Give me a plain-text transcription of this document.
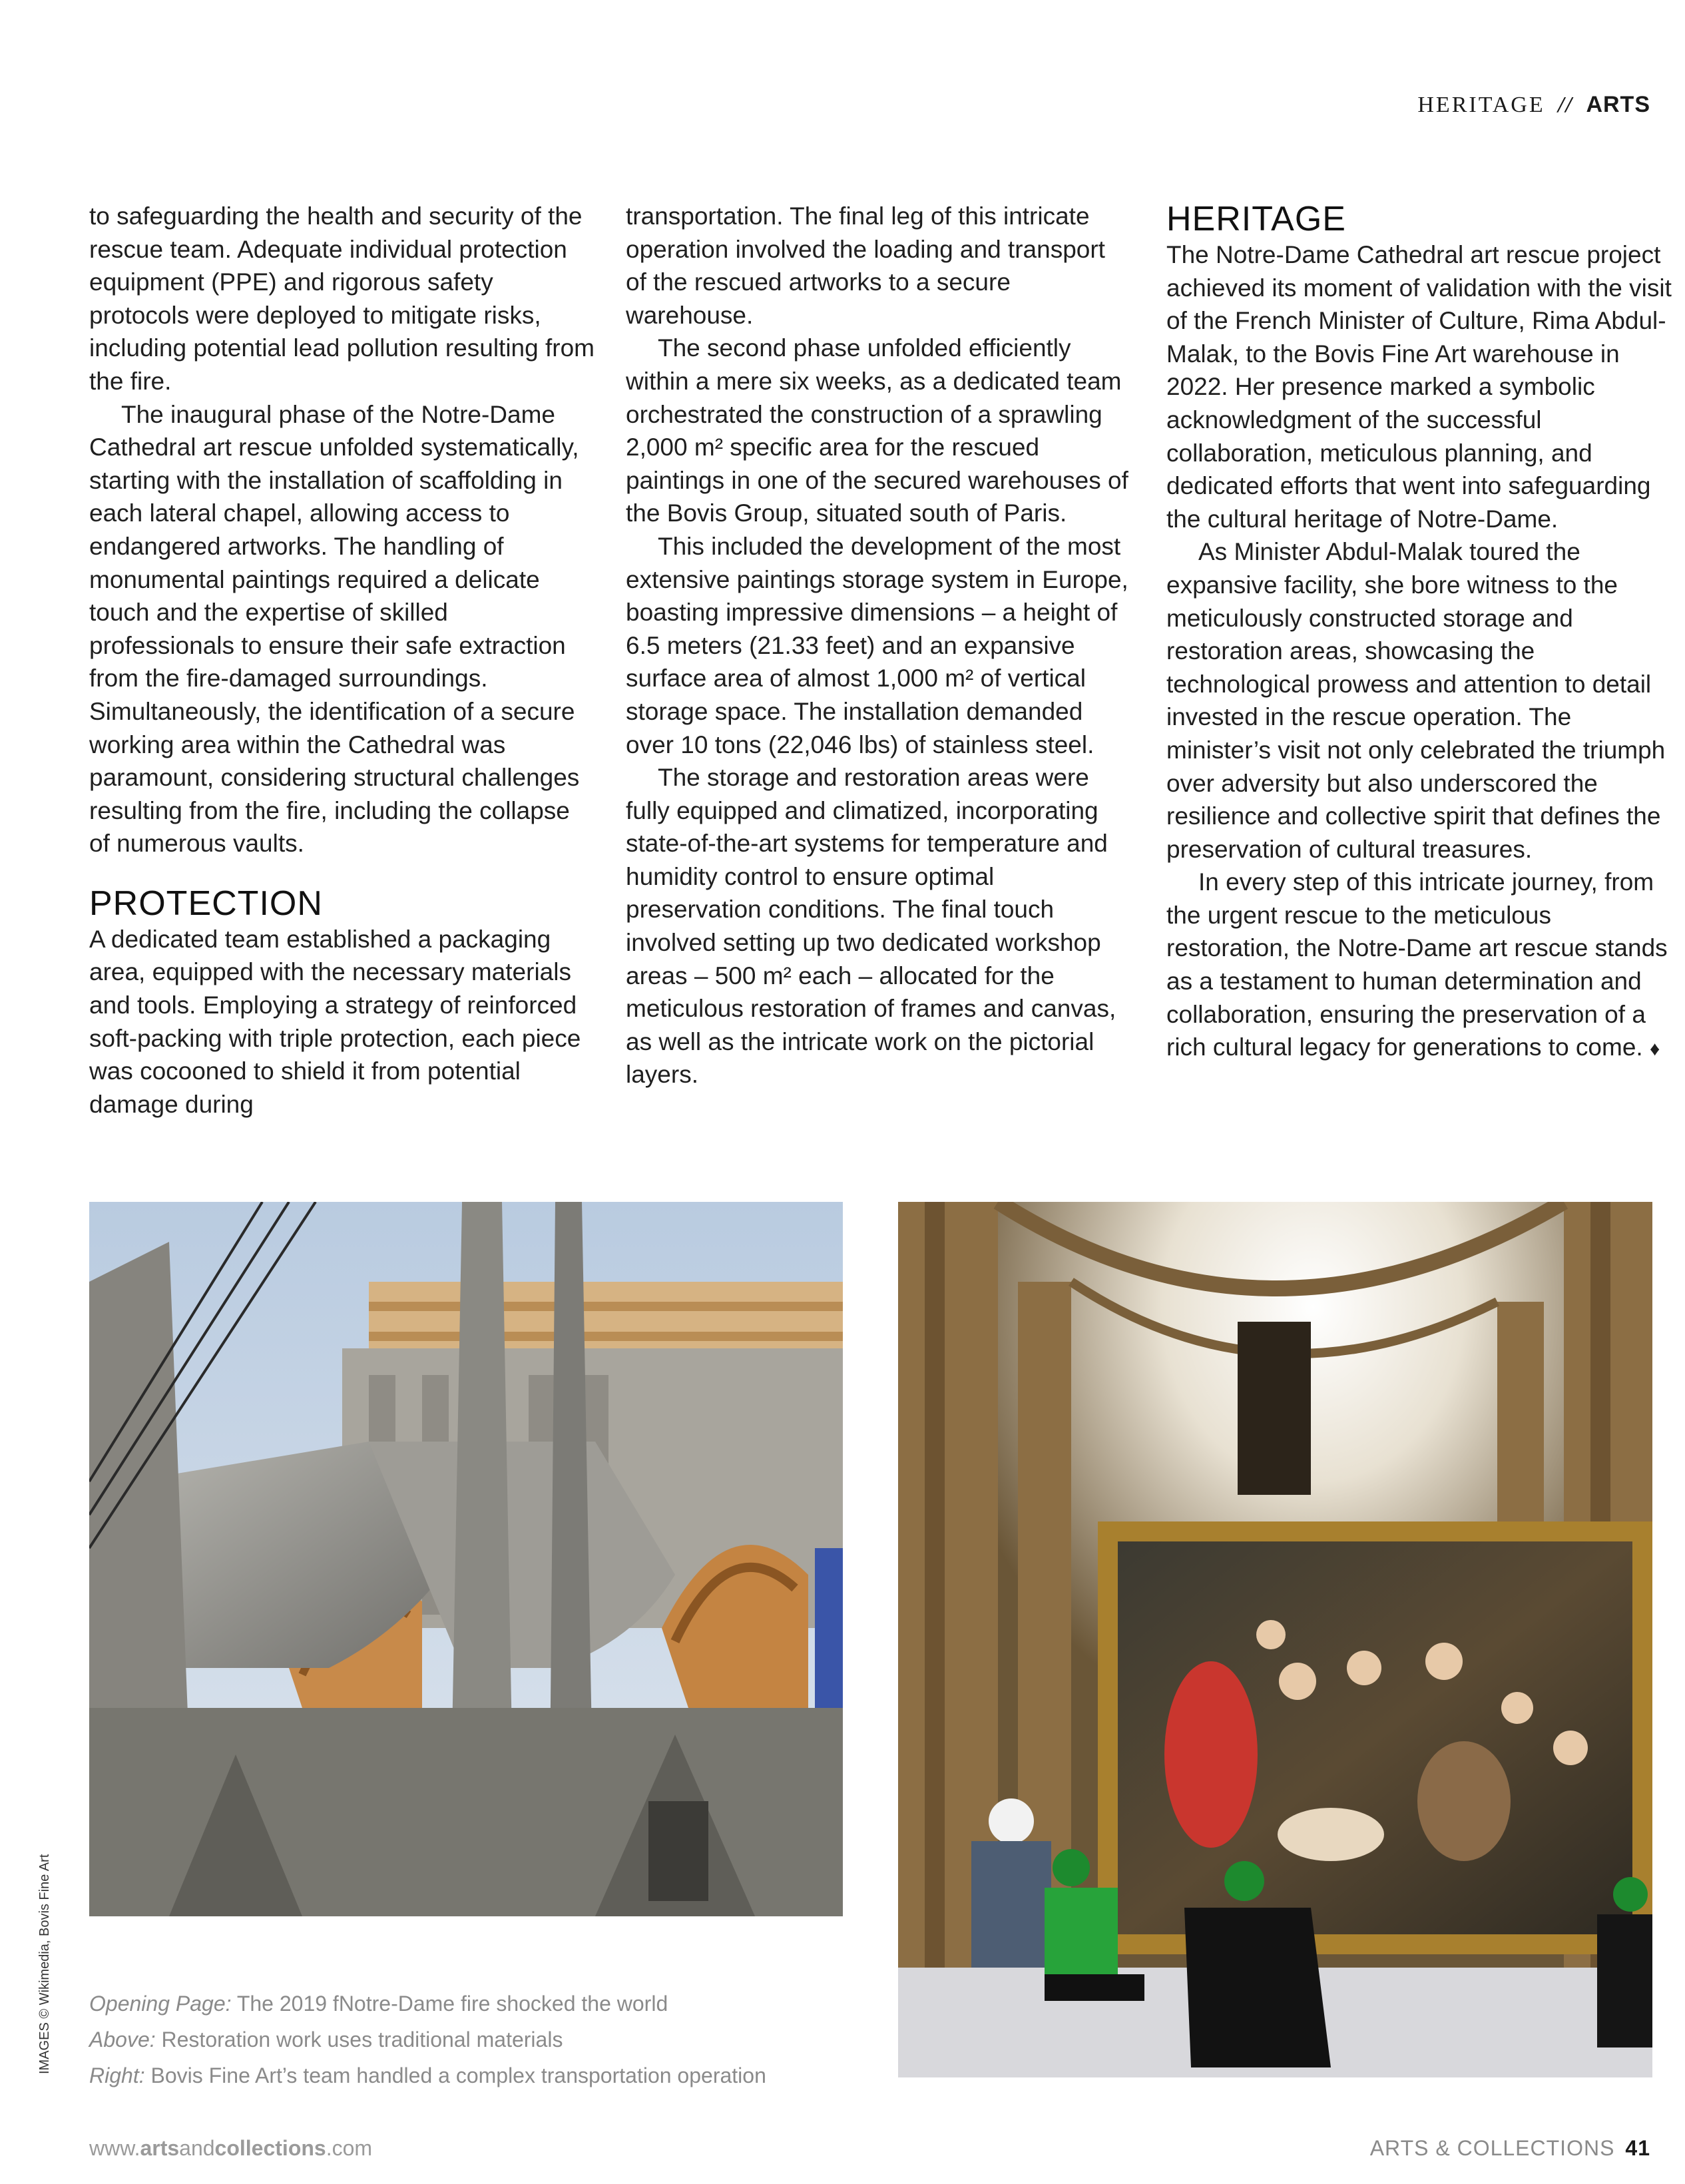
HERITAGE // ARTS

to safeguarding the health and security of the rescue team. Adequate individual protection equipment (PPE) and rigorous safety protocols were deployed to mitigate risks, including potential lead pollution resulting from the fire.

The inaugural phase of the Notre-Dame Cathedral art rescue unfolded systematically, starting with the installation of scaffolding in each lateral chapel, allowing access to endangered artworks. The handling of monumental paintings required a delicate touch and the expertise of skilled professionals to ensure their safe extraction from the fire-damaged surroundings. Simultaneously, the identification of a secure working area within the Cathedral was paramount, considering structural challenges resulting from the fire, including the collapse of numerous vaults.

PROTECTION

A dedicated team established a packaging area, equipped with the necessary materials and tools. Employing a strategy of reinforced soft-packing with triple protection, each piece was cocooned to shield it from potential damage during

transportation. The final leg of this intricate operation involved the loading and transport of the rescued artworks to a secure warehouse.

The second phase unfolded efficiently within a mere six weeks, as a dedicated team orchestrated the construction of a sprawling 2,000 m² specific area for the rescued paintings in one of the secured warehouses of the Bovis Group, situated south of Paris.

This included the development of the most extensive paintings storage system in Europe, boasting impressive dimensions – a height of 6.5 meters (21.33 feet) and an expansive surface area of almost 1,000 m² of vertical storage space. The installation demanded over 10 tons (22,046 lbs) of stainless steel.

The storage and restoration areas were fully equipped and climatized, incorporating state-of-the-art systems for temperature and humidity control to ensure optimal preservation conditions. The final touch involved setting up two dedicated workshop areas – 500 m² each – allocated for the meticulous restoration of frames and canvas, as well as the intricate work on the pictorial layers.

HERITAGE

The Notre-Dame Cathedral art rescue project achieved its moment of validation with the visit of the French Minister of Culture, Rima Abdul-Malak, to the Bovis Fine Art warehouse in 2022. Her presence marked a symbolic acknowledgment of the successful collaboration, meticulous planning, and dedicated efforts that went into safeguarding the cultural heritage of Notre-Dame.

As Minister Abdul-Malak toured the expansive facility, she bore witness to the meticulously constructed storage and restoration areas, showcasing the technological prowess and attention to detail invested in the rescue operation. The minister’s visit not only celebrated the triumph over adversity but also underscored the resilience and collective spirit that defines the preservation of cultural treasures.

In every step of this intricate journey, from the urgent rescue to the meticulous restoration, the Notre-Dame art rescue stands as a testament to human determination and collaboration, ensuring the preservation of a rich cultural legacy for generations to come. ♦

Opening Page: The 2019 fNotre-Dame fire shocked the world
Above: Restoration work uses traditional materials
Right: Bovis Fine Art’s team handled a complex transportation operation
IMAGES © Wikimedia, Bovis Fine Art
www.artsandcollections.com	ARTS & COLLECTIONS 41
